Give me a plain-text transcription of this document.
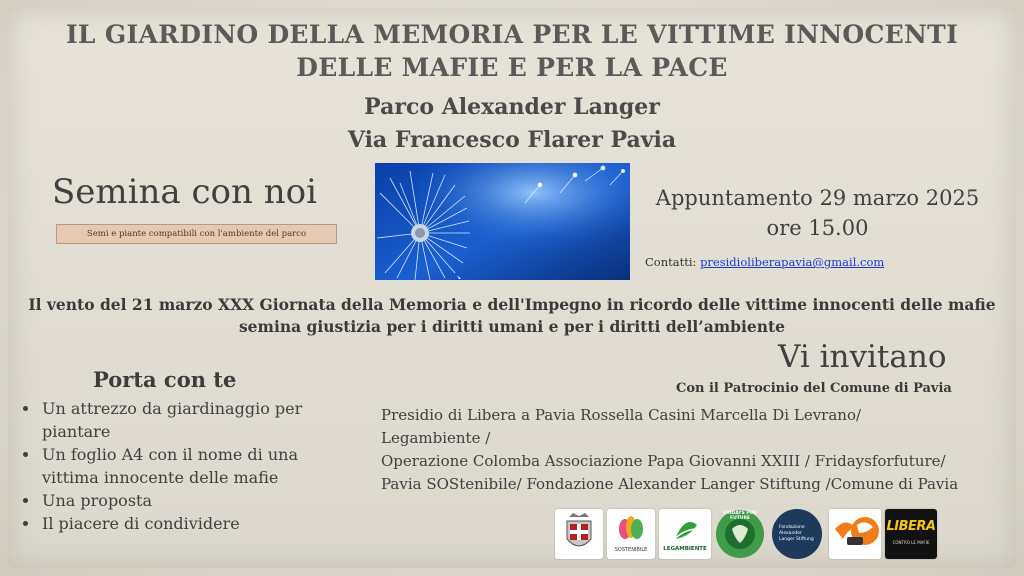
IL GIARDINO DELLA MEMORIA PER LE VITTIME INNOCENTI
DELLE MAFIE E PER LA PACE
Parco Alexander Langer
Via Francesco Flarer Pavia
Semina con noi
Semi e piante compatibili con l'ambiente del parco
Appuntamento 29 marzo 2025
ore 15.00
Contatti: presidioliberapavia@gmail.com
Il vento del 21 marzo XXX Giornata della Memoria e dell'Impegno in ricordo delle vittime innocenti delle mafie
semina giustizia per i diritti umani e per i diritti dell’ambiente
Vi invitano
Con il Patrocinio del Comune di Pavia
Porta con te
• Un attrezzo da giardinaggio per piantare
• Un foglio A4 con il nome di una vittima innocente delle mafie
• Una proposta
• Il piacere di condividere
Presidio di Libera a Pavia Rossella Casini Marcella Di Levrano/
Legambiente /
Operazione Colomba Associazione Papa Giovanni XXIII / Fridaysforfuture/
Pavia SOStenibile/ Fondazione Alexander Langer Stiftung /Comune di Pavia
SOSTENIBILE	LEGAMBIENTE
FRIDAYS FOR FUTURE
Fondazione Alexander Langer Stiftung
LIBERA
CONTRO LE MAFIE
